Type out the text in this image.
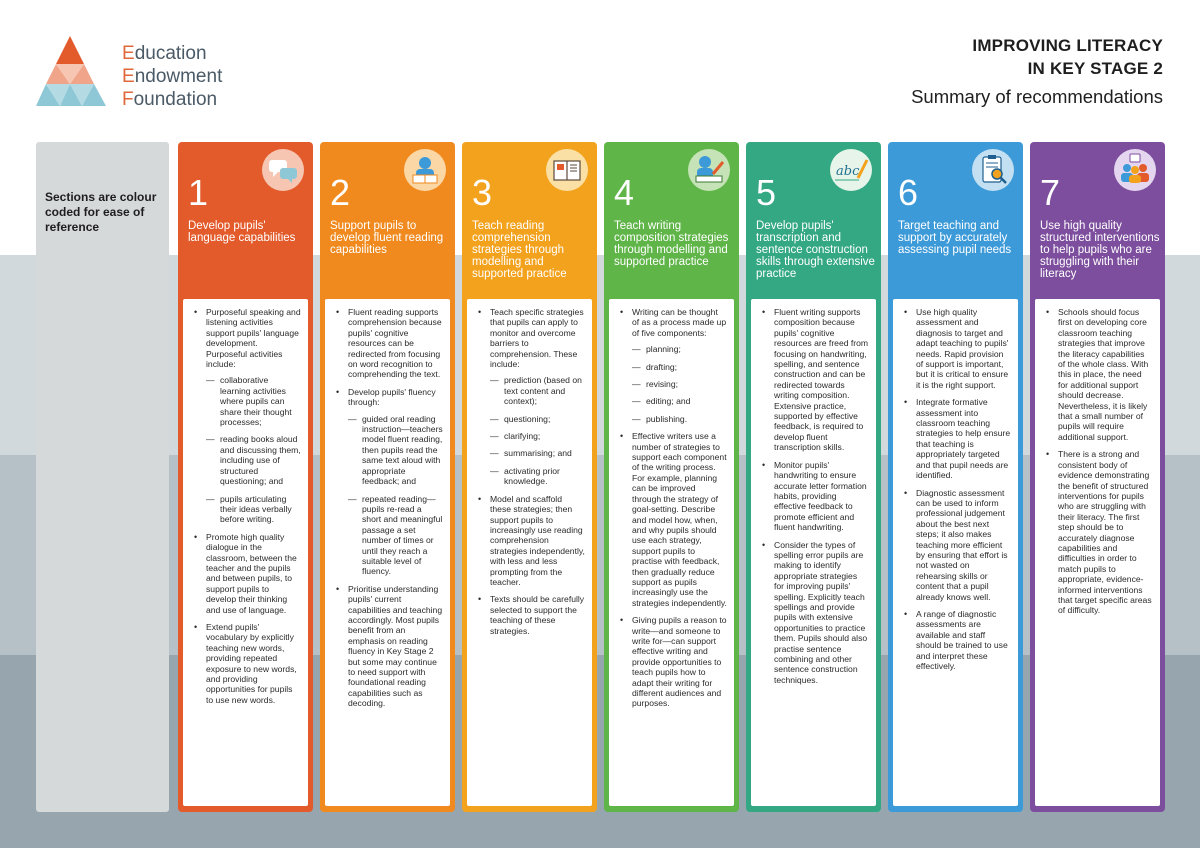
Education
Endowment
Foundation
IMPROVING LITERACY
IN KEY STAGE 2
Summary of recommendations
Sections are colour coded for ease of reference
1
Develop pupils' language capabilities
• Purposeful speaking and listening activities support pupils' language development. Purposeful activities include:
— collaborative learning activities where pupils can share their thought processes;
— reading books aloud and discussing them, including use of structured questioning; and
— pupils articulating their ideas verbally before writing.
• Promote high quality dialogue in the classroom, between the teacher and the pupils and between pupils, to support pupils to develop their thinking and use of language.
• Extend pupils' vocabulary by explicitly teaching new words, providing repeated exposure to new words, and providing opportunities for pupils to use new words.
2
Support pupils to develop fluent reading capabilities
• Fluent reading supports comprehension because pupils' cognitive resources can be redirected from focusing on word recognition to comprehending the text.
• Develop pupils' fluency through:
— guided oral reading instruction—teachers model fluent reading, then pupils read the same text aloud with appropriate feedback; and
— repeated reading—pupils re-read a short and meaningful passage a set number of times or until they reach a suitable level of fluency.
• Prioritise understanding pupils' current capabilities and teaching accordingly. Most pupils benefit from an emphasis on reading fluency in Key Stage 2 but some may continue to need support with foundational reading capabilities such as decoding.
3
Teach reading comprehension strategies through modelling and supported practice
• Teach specific strategies that pupils can apply to monitor and overcome barriers to comprehension. These include:
— prediction (based on text content and context);
— questioning;
— clarifying;
— summarising; and
— activating prior knowledge.
• Model and scaffold these strategies; then support pupils to increasingly use reading comprehension strategies independently, with less and less prompting from the teacher.
• Texts should be carefully selected to support the teaching of these strategies.
4
Teach writing composition strategies through modelling and supported practice
• Writing can be thought of as a process made up of five components:
— planning;
— drafting;
— revising;
— editing; and
— publishing.
• Effective writers use a number of strategies to support each component of the writing process. For example, planning can be improved through the strategy of goal-setting. Describe and model how, when, and why pupils should use each strategy, support pupils to practise with feedback, then gradually reduce support as pupils increasingly use the strategies independently.
• Giving pupils a reason to write—and someone to write for—can support effective writing and provide opportunities to teach pupils how to adapt their writing for different audiences and purposes.
5
abc
Develop pupils' transcription and sentence construction skills through extensive practice
• Fluent writing supports composition because pupils' cognitive resources are freed from focusing on handwriting, spelling, and sentence construction and can be redirected towards writing composition. Extensive practice, supported by effective feedback, is required to develop fluent transcription skills.
• Monitor pupils' handwriting to ensure accurate letter formation habits, providing effective feedback to promote efficient and fluent handwriting.
• Consider the types of spelling error pupils are making to identify appropriate strategies for improving pupils' spelling. Explicitly teach spellings and provide pupils with extensive opportunities to practice them. Pupils should also practise sentence combining and other sentence construction techniques.
6
Target teaching and support by accurately assessing pupil needs
• Use high quality assessment and diagnosis to target and adapt teaching to pupils' needs. Rapid provision of support is important, but it is critical to ensure it is the right support.
• Integrate formative assessment into classroom teaching strategies to help ensure that teaching is appropriately targeted and that pupil needs are identified.
• Diagnostic assessment can be used to inform professional judgement about the best next steps; it also makes teaching more efficient by ensuring that effort is not wasted on rehearsing skills or content that a pupil already knows well.
• A range of diagnostic assessments are available and staff should be trained to use and interpret these effectively.
7
Use high quality structured interventions to help pupils who are struggling with their literacy
• Schools should focus first on developing core classroom teaching strategies that improve the literacy capabilities of the whole class. With this in place, the need for additional support should decrease. Nevertheless, it is likely that a small number of pupils will require additional support.
• There is a strong and consistent body of evidence demonstrating the benefit of structured interventions for pupils who are struggling with their literacy. The first step should be to accurately diagnose capabilities and difficulties in order to match pupils to appropriate, evidence-informed interventions that target specific areas of difficulty.
